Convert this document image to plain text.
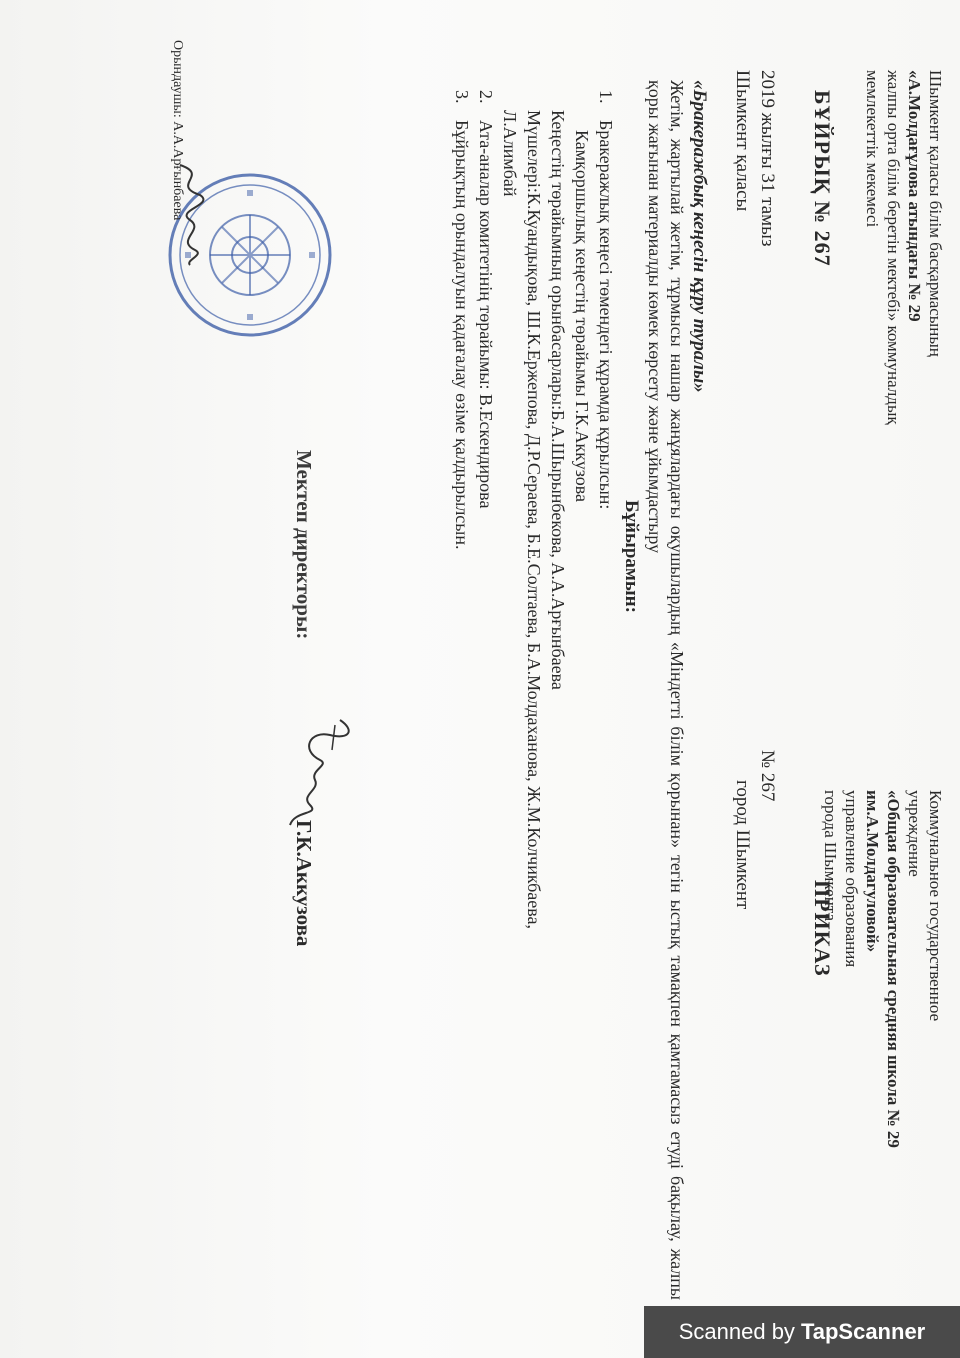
Шымкент қаласы білім басқармасының
«А.Молдағұлова атындағы № 29
жалпы орта білім беретін мектебі» коммуналдық
мемлекеттік мекемесі
Коммунальное государственное
учреждение
«Общая образовательная средняя школа № 29
им.А.Молдагуловой»
управление образования
города Шымкента
БҰЙРЫҚ № 267
ПРИКАЗ
2019 жылғы 31 тамыз
Шымкент қаласы
№ 267
город Шымкент
«Бракеражбық кеңесін құру туралы»
Жетім, жартылай жетім, тұрмысы нашар жанұялардағы оқушылардың «Міндетті білім қорынан» тегін ыстық тамақпен қамтамасыз етуді бақылау, жалпы қоры жағынан материалды көмек көрсету және ұйымдастыру
Бұйырамын:
1.Бракеражлық кеңесі төмендегі құрамда құрылсын:
Камқоршылық кеңестің төрайымы Г.К.Аккузова
Кеңестің төрайымның орынбасарлары:Б.А.Шырынбекова, А.А.Арғынбаева
Мүшелері:К.Куандықова, Ш.К.Ержепова, Д.Р.Сераева, Б.Е.Солтаева, Б.А.Молдаханова, Ж.М.Колчикбаева,
Л.Алимбай
2.Ата-аналар комитетінің төрайымы: В.Ескендирова
3.Бұйрықтың орындалуын қадағалау өзіме қалдырылсын.
Мектеп директоры:
Г.К.Аккузова
Орындаушы: А.А.Арғынбаева
Scanned by TapScanner
